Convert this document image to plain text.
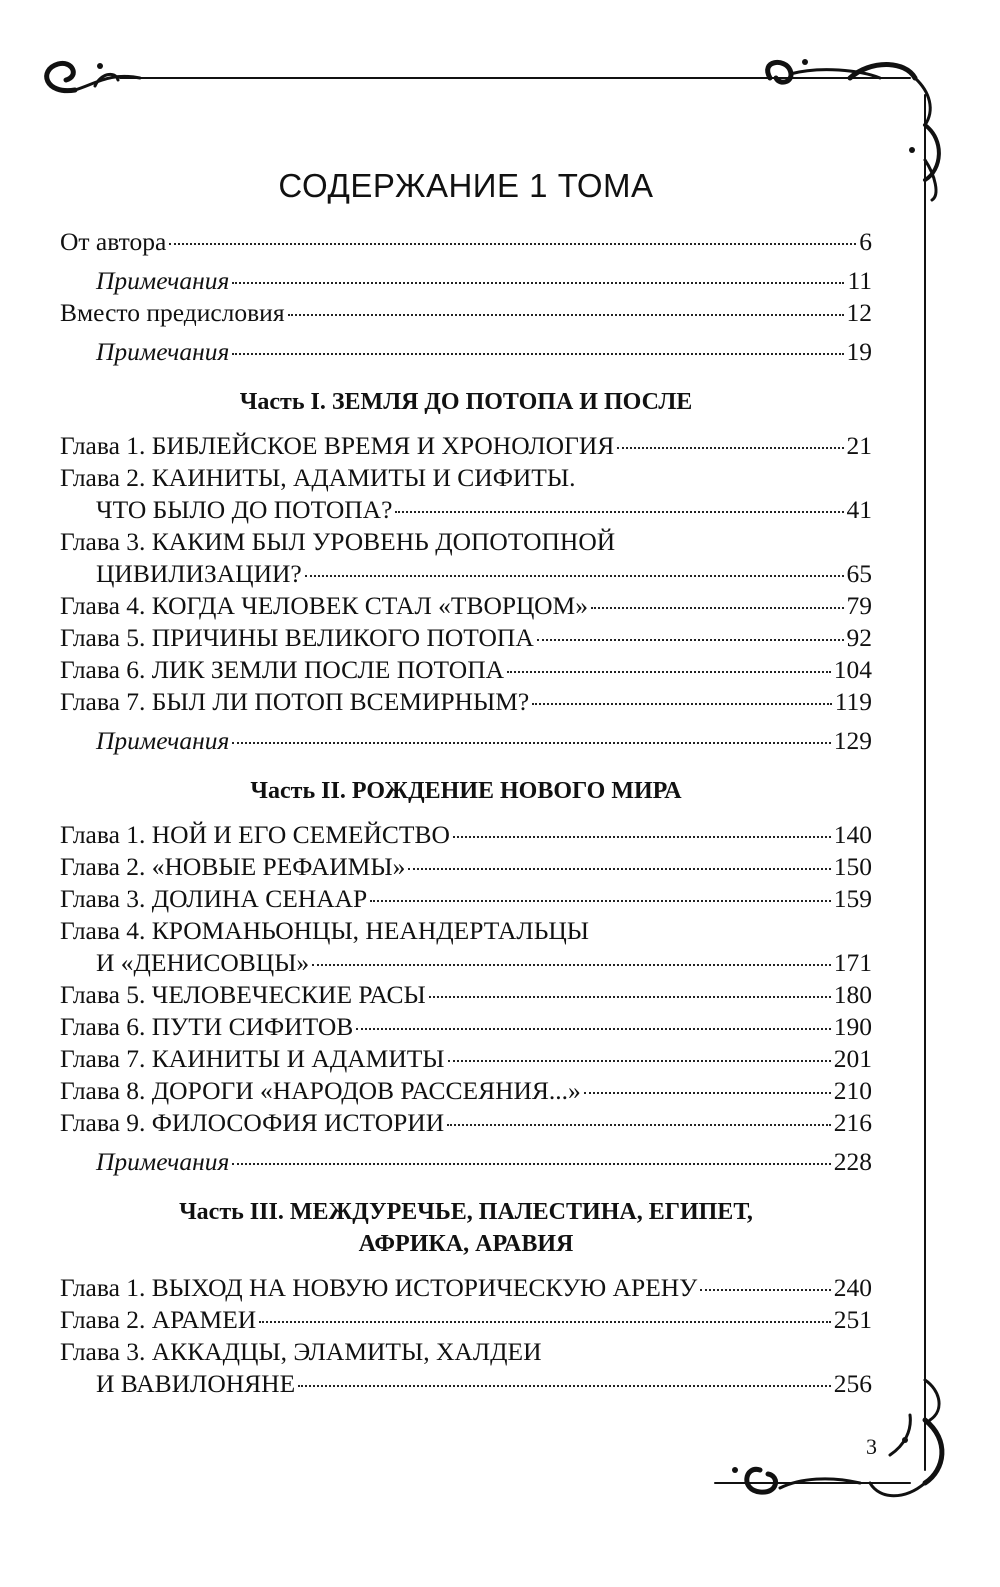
СОДЕРЖАНИЕ 1 ТОМА
От автора	6
Примечания	11
Вместо предисловия	12
Примечания	19
Часть I. ЗЕМЛЯ ДО ПОТОПА И ПОСЛЕ
Глава 1. БИБЛЕЙСКОЕ ВРЕМЯ И ХРОНОЛОГИЯ	21
Глава 2. КАИНИТЫ, АДАМИТЫ И СИФИТЫ.
ЧТО БЫЛО ДО ПОТОПА?	41
Глава 3. КАКИМ БЫЛ УРОВЕНЬ ДОПОТОПНОЙ
ЦИВИЛИЗАЦИИ?	65
Глава 4. КОГДА ЧЕЛОВЕК СТАЛ «ТВОРЦОМ»	79
Глава 5. ПРИЧИНЫ ВЕЛИКОГО ПОТОПА	92
Глава 6. ЛИК ЗЕМЛИ ПОСЛЕ ПОТОПА	104
Глава 7. БЫЛ ЛИ ПОТОП ВСЕМИРНЫМ?	119
Примечания	129
Часть II. РОЖДЕНИЕ НОВОГО МИРА
Глава 1. НОЙ И ЕГО СЕМЕЙСТВО	140
Глава 2. «НОВЫЕ РЕФАИМЫ»	150
Глава 3. ДОЛИНА СЕНААР	159
Глава 4. КРОМАНЬОНЦЫ, НЕАНДЕРТАЛЬЦЫ
И «ДЕНИСОВЦЫ»	171
Глава 5. ЧЕЛОВЕЧЕСКИЕ РАСЫ	180
Глава 6. ПУТИ СИФИТОВ	190
Глава 7. КАИНИТЫ И АДАМИТЫ	201
Глава 8. ДОРОГИ «НАРОДОВ РАССЕЯНИЯ...»	210
Глава 9. ФИЛОСОФИЯ ИСТОРИИ	216
Примечания	228
Часть III. МЕЖДУРЕЧЬЕ, ПАЛЕСТИНА, ЕГИПЕТ,
АФРИКА, АРАВИЯ
Глава 1. ВЫХОД НА НОВУЮ ИСТОРИЧЕСКУЮ АРЕНУ	240
Глава 2. АРАМЕИ	251
Глава 3. АККАДЦЫ, ЭЛАМИТЫ, ХАЛДЕИ
И ВАВИЛОНЯНЕ	256
3
